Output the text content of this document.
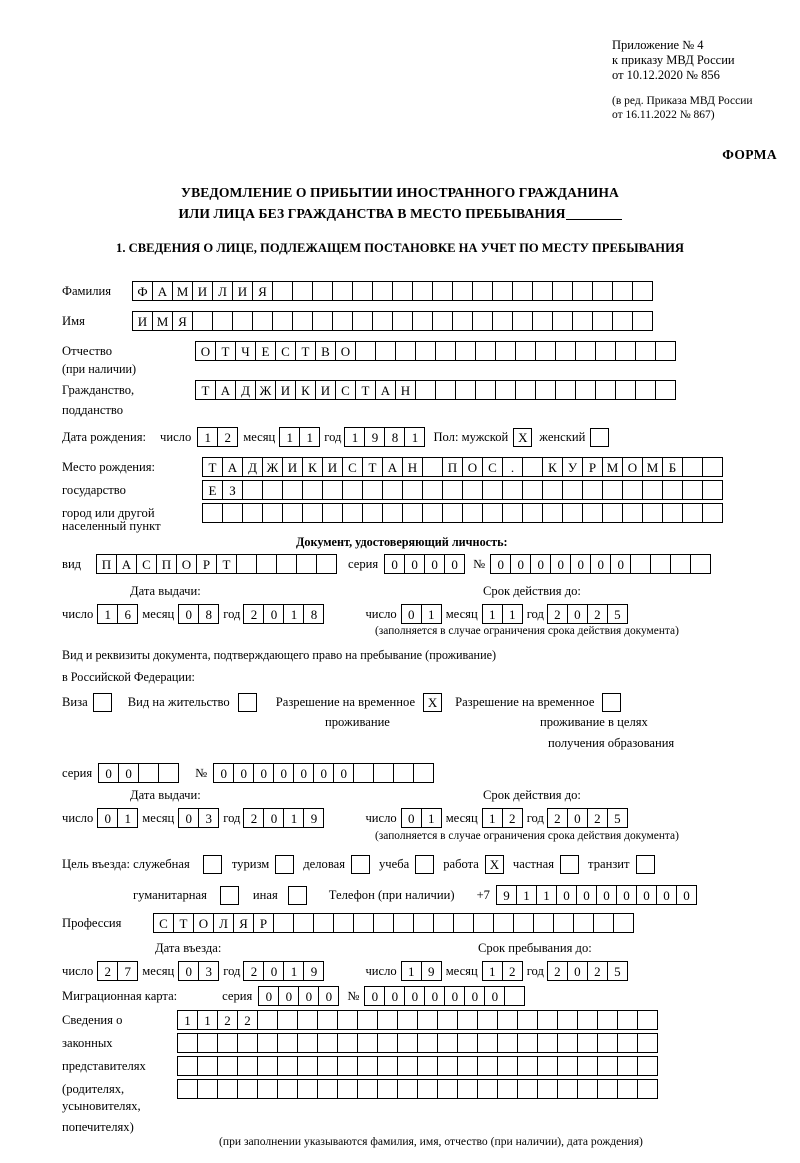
Приложение № 4
к приказу МВД России
от 10.12.2020 № 856
(в ред. Приказа МВД России
от 16.11.2022 № 867)
ФОРМА
УВЕДОМЛЕНИЕ О ПРИБЫТИИ ИНОСТРАННОГО ГРАЖДАНИНА
ИЛИ ЛИЦА БЕЗ ГРАЖДАНСТВА В МЕСТО ПРЕБЫВАНИЯ
1. СВЕДЕНИЯ О ЛИЦЕ, ПОДЛЕЖАЩЕМ ПОСТАНОВКЕ НА УЧЕТ ПО МЕСТУ ПРЕБЫВАНИЯ
Фамилия	Ф А М И Л И Я
Имя	И М Я
Отчество	О Т Ч Е С Т В О
(при наличии)
Гражданство,	Т А Д Ж И К И С Т А Н
подданство
Дата рождения: число	1	2 месяц 1	1 год 1	9	8	1	Пол: мужской Х женский
Место рождения:	Т А Д Ж И К И С Т А Н	П О С	.	К У Р М О М Б
государство	Е З
город или другой
населенный пункт
Документ, удостоверяющий личность:
вид	П А С П О Р Т	серия	0	0	0	0	№ 0	0	0	0	0	0	0
Дата выдачи:	Срок действия до:
число 1	6 месяц 0	8 год 2	0	1	8	число 0	1 месяц 1	1 год 2	0	2	5
(заполняется в случае ограничения срока действия документа)
Вид и реквизиты документа, подтверждающего право на пребывание (проживание)
в Российской Федерации:
Виза	Вид на жительство	Разрешение на временное Х	Разрешение на временное
проживание	проживание в целях
получения образования
серия	0	0	№	0	0	0	0	0	0	0
Дата выдачи:	Срок действия до:
число 0	1 месяц 0	3 год 2	0	1	9	число 0	1 месяц 1	2 год 2	0	2	5
(заполняется в случае ограничения срока действия документа)
Цель въезда: служебная	туризм	деловая	учеба	работа Х	частная	транзит
гуманитарная	иная	Телефон (при наличии) +7	9	1	1	0	0	0	0	0	0	0
Профессия	С Т О Л Я Р
Дата въезда:	Срок пребывания до:
число 2	7 месяц 0	3 год 2	0	1	9	число 1	9 месяц 1	2 год 2	0	2	5
Миграционная карта:	серия	0	0	0	0	№ 0	0	0	0	0	0	0
Сведения о	1	1	2	2
законных
представителях
(родителях,
усыновителях,
попечителях)
(при заполнении указываются фамилия, имя, отчество (при наличии), дата рождения)
